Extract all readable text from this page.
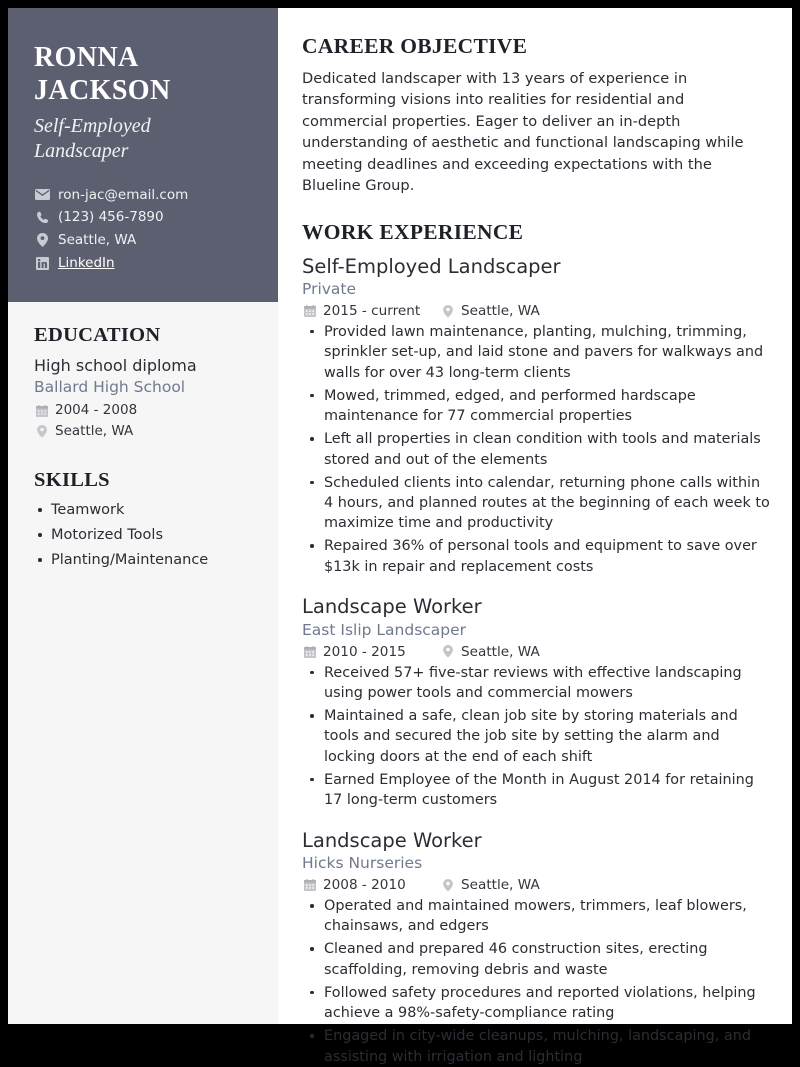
RONNA
JACKSON
Self-Employed
Landscaper
ron-jac@email.com
(123) 456-7890
Seattle, WA
LinkedIn
EDUCATION
High school diploma
Ballard High School
2004 - 2008
Seattle, WA
SKILLS
Teamwork
Motorized Tools
Planting/Maintenance
CAREER OBJECTIVE

Dedicated landscaper with 13 years of experience in transforming visions into realities for residential and commercial properties. Eager to deliver an in-depth understanding of aesthetic and functional landscaping while meeting deadlines and exceeding expectations with the Blueline Group.

WORK EXPERIENCE
Self-Employed Landscaper
Private
2015 - current	Seattle, WA
Provided lawn maintenance, planting, mulching, trimming, sprinkler set-up, and laid stone and pavers for walkways and walls for over 43 long-term clients
Mowed, trimmed, edged, and performed hardscape maintenance for 77 commercial properties
Left all properties in clean condition with tools and materials stored and out of the elements
Scheduled clients into calendar, returning phone calls within 4 hours, and planned routes at the beginning of each week to maximize time and productivity
Repaired 36% of personal tools and equipment to save over $13k in repair and replacement costs
Landscape Worker
East Islip Landscaper
2010 - 2015	Seattle, WA
Received 57+ five-star reviews with effective landscaping using power tools and commercial mowers
Maintained a safe, clean job site by storing materials and tools and secured the job site by setting the alarm and locking doors at the end of each shift
Earned Employee of the Month in August 2014 for retaining 17 long-term customers
Landscape Worker
Hicks Nurseries
2008 - 2010	Seattle, WA
Operated and maintained mowers, trimmers, leaf blowers, chainsaws, and edgers
Cleaned and prepared 46 construction sites, erecting scaffolding, removing debris and waste
Followed safety procedures and reported violations, helping achieve a 98%-safety-compliance rating
Engaged in city-wide cleanups, mulching, landscaping, and assisting with irrigation and lighting
